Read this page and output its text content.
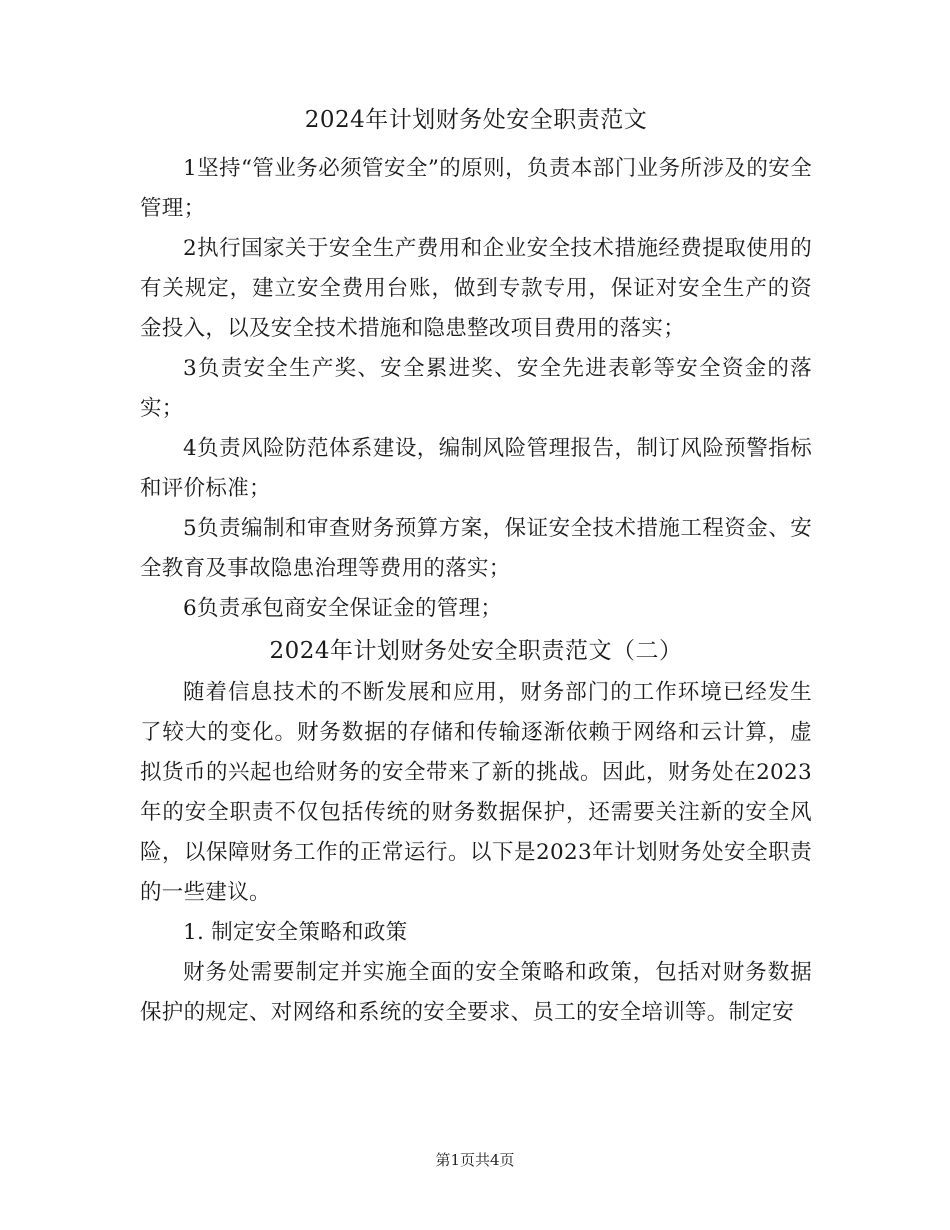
2024年计划财务处安全职责范文

1坚持“管业务必须管安全”的原则，负责本部门业务所涉及的安全管理；

2执行国家关于安全生产费用和企业安全技术措施经费提取使用的有关规定，建立安全费用台账，做到专款专用，保证对安全生产的资金投入，以及安全技术措施和隐患整改项目费用的落实；

3负责安全生产奖、安全累进奖、安全先进表彰等安全资金的落实；

4负责风险防范体系建设，编制风险管理报告，制订风险预警指标和评价标准；

5负责编制和审查财务预算方案，保证安全技术措施工程资金、安全教育及事故隐患治理等费用的落实；

6负责承包商安全保证金的管理；

2024年计划财务处安全职责范文（二）

随着信息技术的不断发展和应用，财务部门的工作环境已经发生了较大的变化。财务数据的存储和传输逐渐依赖于网络和云计算，虚拟货币的兴起也给财务的安全带来了新的挑战。因此，财务处在2023年的安全职责不仅包括传统的财务数据保护，还需要关注新的安全风险，以保障财务工作的正常运行。以下是2023年计划财务处安全职责的一些建议。

1. 制定安全策略和政策

财务处需要制定并实施全面的安全策略和政策，包括对财务数据保护的规定、对网络和系统的安全要求、员工的安全培训等。制定安

第1页共4页
